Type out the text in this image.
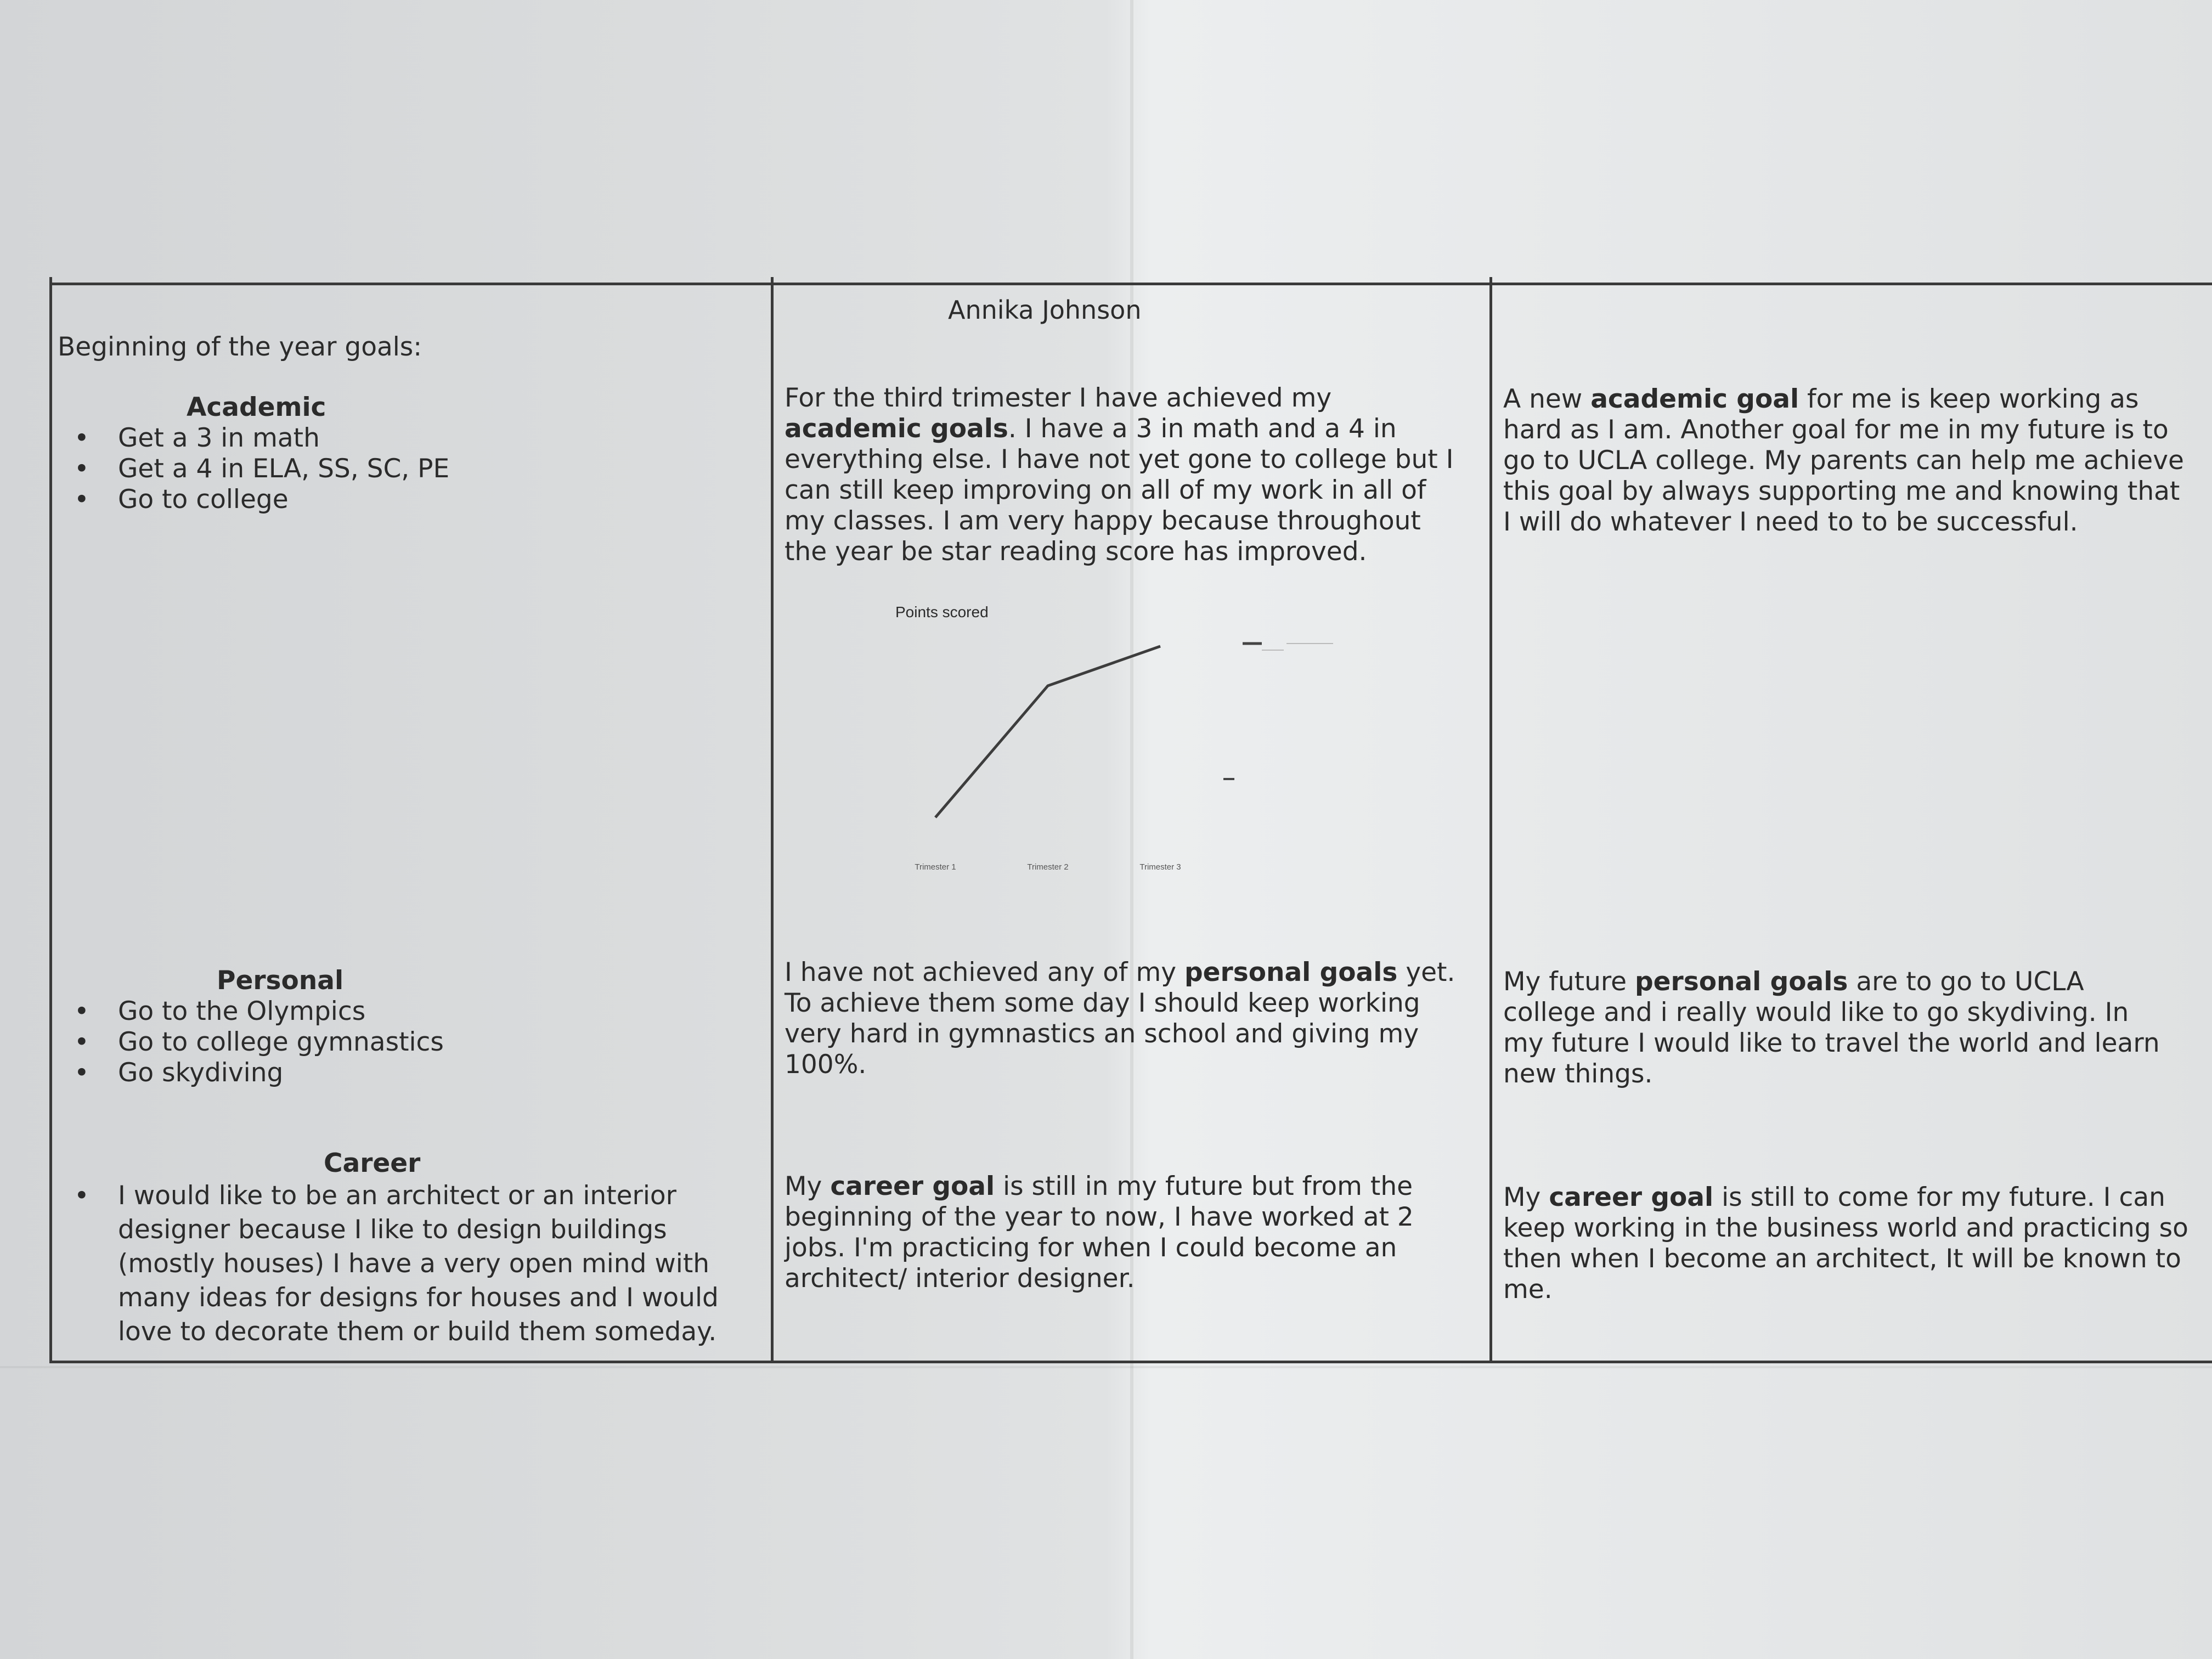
Annika Johnson

Beginning of the year goals:

Academic
• Get a 3 in math
• Get a 4 in ELA, SS, SC, PE
• Go to college
Personal
• Go to the Olympics
• Go to college gymnastics
• Go skydiving
Career
• I would like to be an architect or an interior designer because I like to design buildings (mostly houses) I have a very open mind with many ideas for designs for houses and I would love to decorate them or build them someday.

For the third trimester I have achieved my academic goals. I have a 3 in math and a 4 in everything else. I have not yet gone to college but I can still keep improving on all of my work in all of my classes. I am very happy because throughout the year be star reading score has improved.

Points scored
Trimester 1	Trimester 2	Trimester 3

I have not achieved any of my personal goals yet. To achieve them some day I should keep working very hard in gymnastics an school and giving my 100%.

My career goal is still in my future but from the beginning of the year to now, I have worked at 2 jobs. I'm practicing for when I could become an architect/ interior designer.

A new academic goal for me is keep working as hard as I am. Another goal for me in my future is to go to UCLA college. My parents can help me achieve this goal by always supporting me and knowing that I will do whatever I need to to be successful.

My future personal goals are to go to UCLA college and i really would like to go skydiving. In my future I would like to travel the world and learn new things.

My career goal is still to come for my future. I can keep working in the business world and practicing so then when I become an architect, It will be known to me.
